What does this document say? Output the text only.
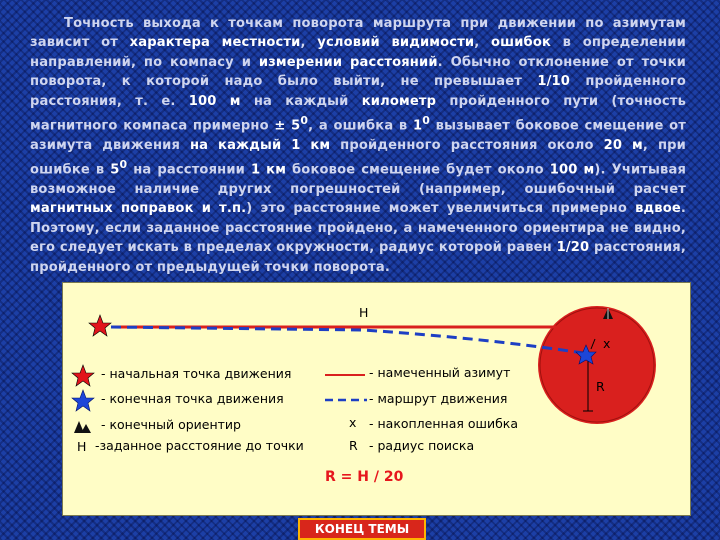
Точность выхода к точкам поворота маршрута при движении по азимутам зависит от характера местности, условий видимости, ошибок в определении направлений, по компасу и измерении расстояний. Обычно отклонение от точки поворота, к которой надо было выйти, не превышает 1/10 пройденного расстояния, т. е. 100 м на каждый километр пройденного пути (точность магнитного компаса примерно ± $5^0$, а ошибка в $1^0$ вызывает боковое смещение от азимута движения на каждый 1 км пройденного расстояния около 20 м, при ошибке в $5^0$ на расстоянии 1 км боковое смещение будет около 100 м). Учитывая возможное наличие других погрешностей (например, ошибочный расчет магнитных поправок и т.п.) это расстояние может увеличиться примерно вдвое. Поэтому, если заданное расстояние пройдено, а намеченного ориентира не видно, его следует искать в пределах окружности, радиус которой равен 1/20 расстояния, пройденного от предыдущей точки поворота.

Н
х
R
- начальная точка движения
- конечная точка движения
- конечный ориентир
Н -заданное расстояние до точки
- намеченный азимут
- маршрут движения
х - накопленная ошибка
R - радиус поиска
R = H / 20
КОНЕЦ ТЕМЫ
